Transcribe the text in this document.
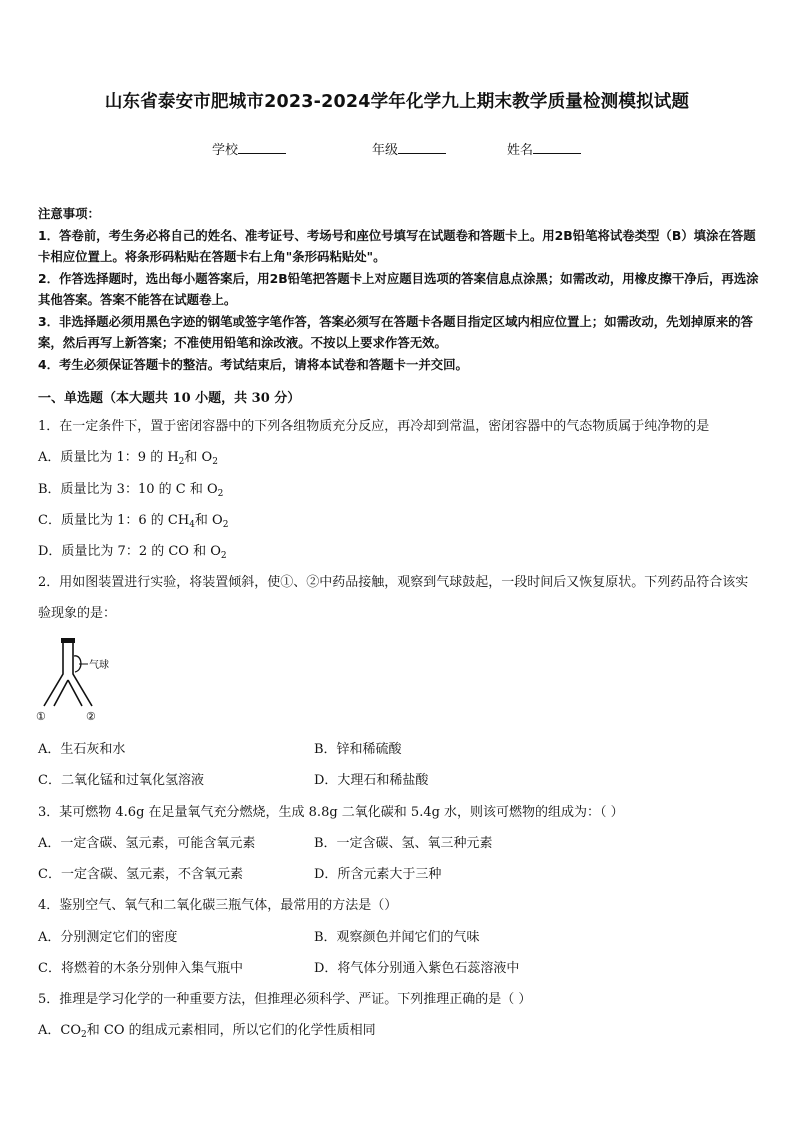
山东省泰安市肥城市2023-2024学年化学九上期末教学质量检测模拟试题
学校	年级	姓名

注意事项：

1．答卷前，考生务必将自己的姓名、准考证号、考场号和座位号填写在试题卷和答题卡上。用2B铅笔将试卷类型（B）填涂在答题卡相应位置上。将条形码粘贴在答题卡右上角"条形码粘贴处"。

2．作答选择题时，选出每小题答案后，用2B铅笔把答题卡上对应题目选项的答案信息点涂黑；如需改动，用橡皮擦干净后，再选涂其他答案。答案不能答在试题卷上。

3．非选择题必须用黑色字迹的钢笔或签字笔作答，答案必须写在答题卡各题目指定区域内相应位置上；如需改动，先划掉原来的答案，然后再写上新答案；不准使用铅笔和涂改液。不按以上要求作答无效。

4．考生必须保证答题卡的整洁。考试结束后，请将本试卷和答题卡一并交回。

一、单选题（本大题共 10 小题，共 30 分）
1．在一定条件下，置于密闭容器中的下列各组物质充分反应，再冷却到常温，密闭容器中的气态物质属于纯净物的是
A．质量比为 1：9 的 $H_2$和 $O_2$
B．质量比为 3：10 的 C 和 $O_2$
C．质量比为 1：6 的 $CH_4$和 $O_2$
D．质量比为 7：2 的 CO 和 $O_2$
2．用如图装置进行实验，将装置倾斜，使①、②中药品接触，观察到气球鼓起，一段时间后又恢复原状。下列药品符合该实验现象的是：
气球
①	②
A．生石灰和水	B．锌和稀硫酸
C．二氧化锰和过氧化氢溶液	D．大理石和稀盐酸
3．某可燃物 4.6g 在足量氧气充分燃烧，生成 8.8g 二氧化碳和 5.4g 水，则该可燃物的组成为：（ ）
A．一定含碳、氢元素，可能含氧元素	B．一定含碳、氢、氧三种元素
C．一定含碳、氢元素，不含氧元素	D．所含元素大于三种
4．鉴别空气、氧气和二氧化碳三瓶气体，最常用的方法是（）
A．分别测定它们的密度	B．观察颜色并闻它们的气味
C．将燃着的木条分别伸入集气瓶中	D．将气体分别通入紫色石蕊溶液中
5．推理是学习化学的一种重要方法，但推理必须科学、严证。下列推理正确的是（ ）
A．$CO_2$和 CO 的组成元素相同，所以它们的化学性质相同
